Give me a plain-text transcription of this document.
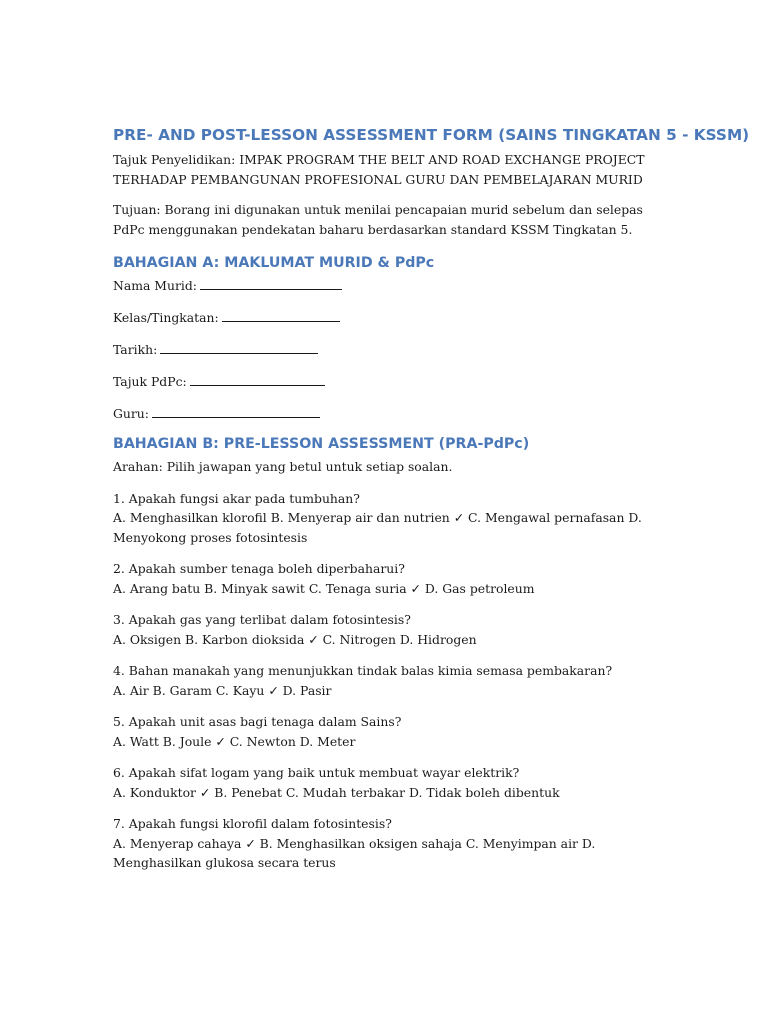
PRE- AND POST-LESSON ASSESSMENT FORM (SAINS TINGKATAN 5 - KSSM)

Tajuk Penyelidikan: IMPAK PROGRAM THE BELT AND ROAD EXCHANGE PROJECT TERHADAP PEMBANGUNAN PROFESIONAL GURU DAN PEMBELAJARAN MURID

Tujuan: Borang ini digunakan untuk menilai pencapaian murid sebelum dan selepas PdPc menggunakan pendekatan baharu berdasarkan standard KSSM Tingkatan 5.

BAHAGIAN A: MAKLUMAT MURID & PdPc

Nama Murid:

Kelas/Tingkatan:

Tarikh:

Tajuk PdPc:

Guru:

BAHAGIAN B: PRE-LESSON ASSESSMENT (PRA-PdPc)

Arahan: Pilih jawapan yang betul untuk setiap soalan.

1. Apakah fungsi akar pada tumbuhan?

A. Menghasilkan klorofil B. Menyerap air dan nutrien ✓ C. Mengawal pernafasan D. Menyokong proses fotosintesis

2. Apakah sumber tenaga boleh diperbaharui?

A. Arang batu B. Minyak sawit C. Tenaga suria ✓ D. Gas petroleum

3. Apakah gas yang terlibat dalam fotosintesis?

A. Oksigen B. Karbon dioksida ✓ C. Nitrogen D. Hidrogen

4. Bahan manakah yang menunjukkan tindak balas kimia semasa pembakaran?

A. Air B. Garam C. Kayu ✓ D. Pasir

5. Apakah unit asas bagi tenaga dalam Sains?

A. Watt B. Joule ✓ C. Newton D. Meter

6. Apakah sifat logam yang baik untuk membuat wayar elektrik?

A. Konduktor ✓ B. Penebat C. Mudah terbakar D. Tidak boleh dibentuk

7. Apakah fungsi klorofil dalam fotosintesis?

A. Menyerap cahaya ✓ B. Menghasilkan oksigen sahaja C. Menyimpan air D. Menghasilkan glukosa secara terus
